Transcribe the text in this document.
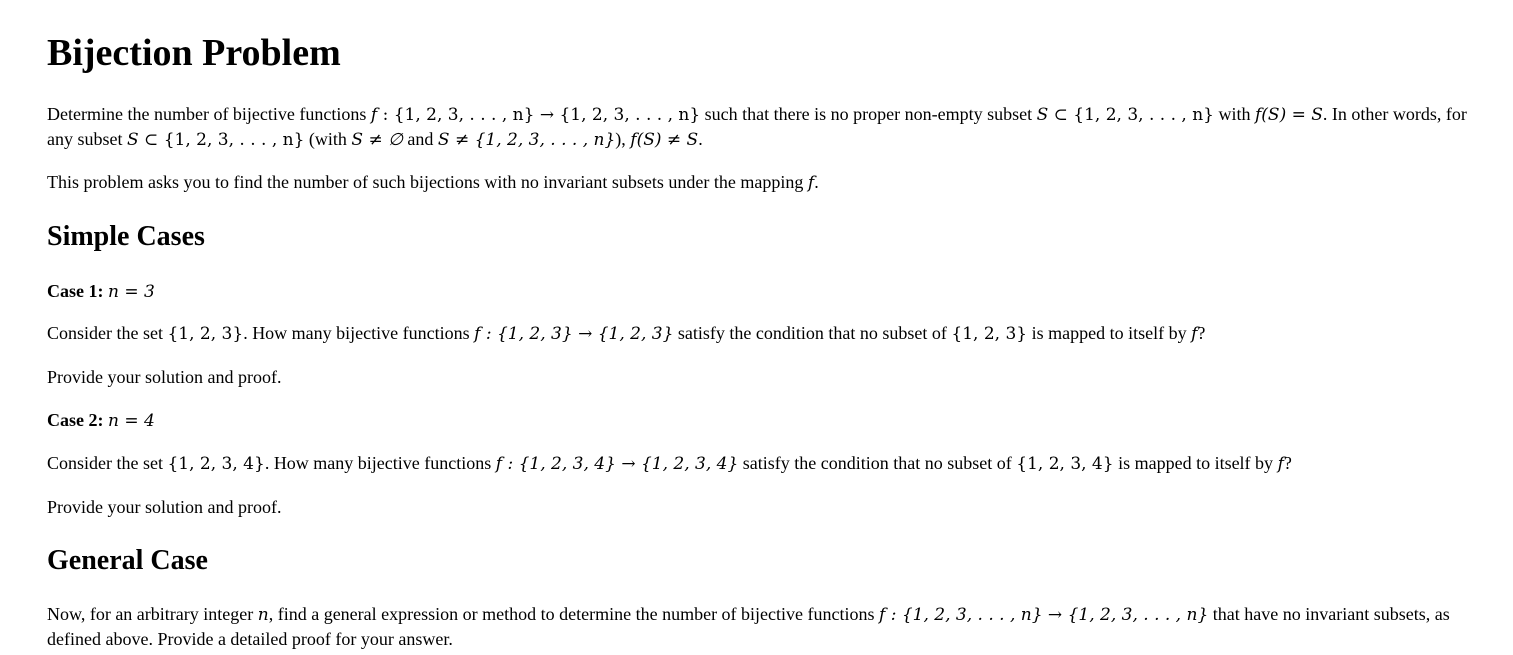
Bijection Problem

Determine the number of bijective functions f : {1, 2, 3, . . . , n} → {1, 2, 3, . . . , n} such that there is no proper non-empty subset S ⊂ {1, 2, 3, . . . , n} with f(S) = S. In other words, for any subset S ⊂ {1, 2, 3, . . . , n} (with S ≠ ∅ and S ≠ {1, 2, 3, . . . , n}), f(S) ≠ S.

This problem asks you to find the number of such bijections with no invariant subsets under the mapping f.

Simple Cases

Case 1: n = 3

Consider the set {1, 2, 3}. How many bijective functions f : {1, 2, 3} → {1, 2, 3} satisfy the condition that no subset of {1, 2, 3} is mapped to itself by f?

Provide your solution and proof.

Case 2: n = 4

Consider the set {1, 2, 3, 4}. How many bijective functions f : {1, 2, 3, 4} → {1, 2, 3, 4} satisfy the condition that no subset of {1, 2, 3, 4} is mapped to itself by f?

Provide your solution and proof.

General Case

Now, for an arbitrary integer n, find a general expression or method to determine the number of bijective functions f : {1, 2, 3, . . . , n} → {1, 2, 3, . . . , n} that have no invariant subsets, as defined above. Provide a detailed proof for your answer.
